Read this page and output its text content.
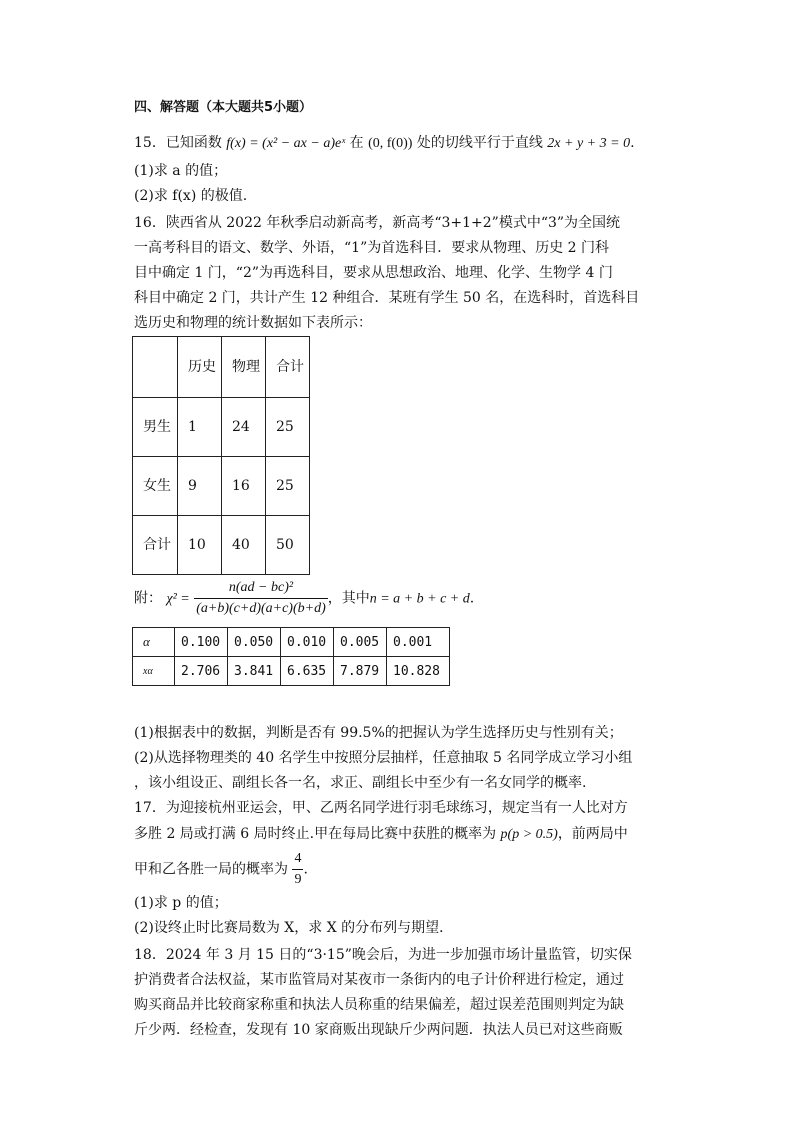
四、解答题（本大题共5小题）
15．已知函数 f(x) = (x² − ax − a)eˣ 在 (0, f(0)) 处的切线平行于直线 2x + y + 3 = 0.
(1)求 a 的值；
(2)求 f(x) 的极值.
16．陕西省从 2022 年秋季启动新高考，新高考“3+1+2”模式中“3”为全国统
一高考科目的语文、数学、外语，“1”为首选科目．要求从物理、历史 2 门科
目中确定 1 门，“2”为再选科目，要求从思想政治、地理、化学、生物学 4 门
科目中确定 2 门，共计产生 12 种组合．某班有学生 50 名，在选科时，首选科目
选历史和物理的统计数据如下表所示：
	历史	物理	合计
男生	1	24	25
女生	9	16	25
合计	10	40	50
附： $\chi^2 = \frac{\text{n(ad − bc)²}}{(a+b)(c+d)(a+c)(b+d)}$ ，其中n = a + b + c + d.
α	0.100	0.050	0.010	0.005	0.001
xα	2.706	3.841	6.635	7.879	10.828
(1)根据表中的数据，判断是否有 99.5%的把握认为学生选择历史与性别有关；
(2)从选择物理类的 40 名学生中按照分层抽样，任意抽取 5 名同学成立学习小组
，该小组设正、副组长各一名，求正、副组长中至少有一名女同学的概率.
17．为迎接杭州亚运会，甲、乙两名同学进行羽毛球练习，规定当有一人比对方
多胜 2 局或打满 6 局时终止.甲在每局比赛中获胜的概率为 p(p > 0.5)，前两局中
甲和乙各胜一局的概率为 $\frac{4}{9}$ .
(1)求 p 的值；
(2)设终止时比赛局数为 X，求 X 的分布列与期望．
18．2024 年 3 月 15 日的“3·15”晚会后，为进一步加强市场计量监管，切实保
护消费者合法权益，某市监管局对某夜市一条街内的电子计价秤进行检定，通过
购买商品并比较商家称重和执法人员称重的结果偏差，超过误差范围则判定为缺
斤少两．经检查，发现有 10 家商贩出现缺斤少两问题．执法人员已对这些商贩
